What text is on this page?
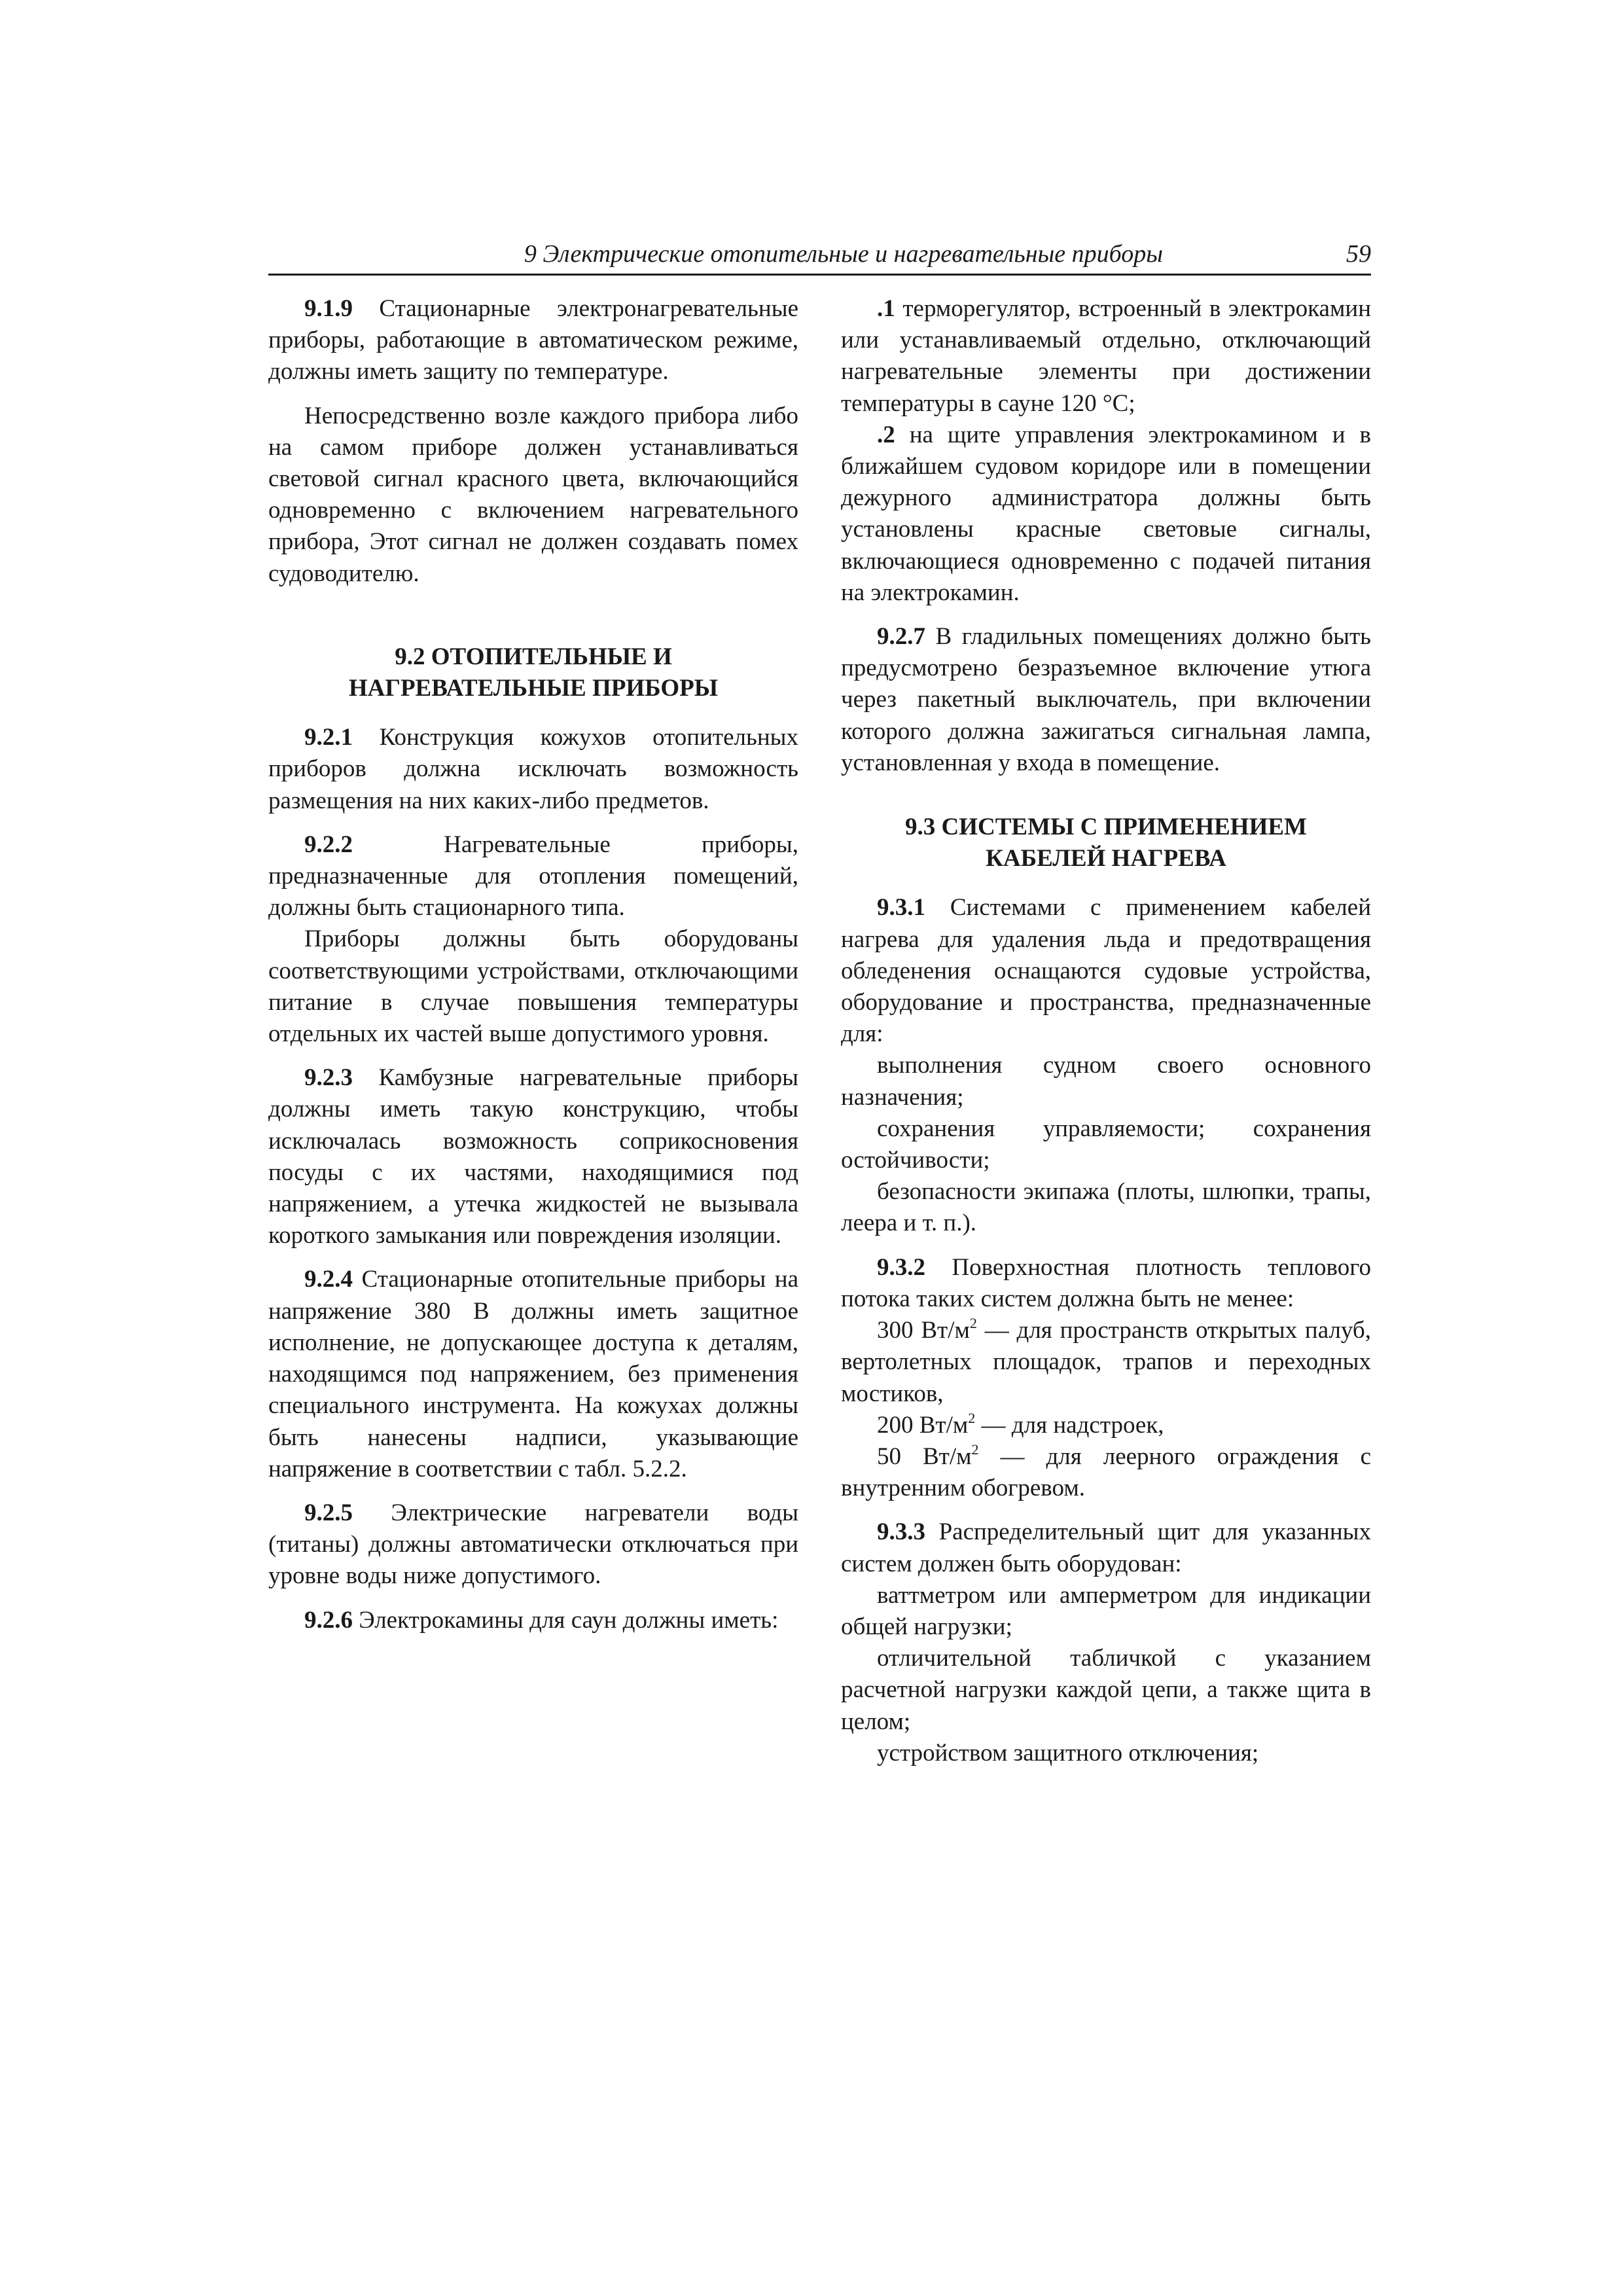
9 Электрические отопительные и нагревательные приборы	59

9.1.9 Стационарные электронагревательные приборы, работающие в автоматическом режиме, должны иметь защиту по температуре.

Непосредственно возле каждого прибора либо на самом приборе должен устанавливаться световой сигнал красного цвета, включающийся одновременно с включением нагревательного прибора, Этот сигнал не должен создавать помех судоводителю.

9.2 ОТОПИТЕЛЬНЫЕ И
НАГРЕВАТЕЛЬНЫЕ ПРИБОРЫ

9.2.1 Конструкция кожухов отопительных приборов должна исключать возможность размещения на них каких-либо предметов.

9.2.2 Нагревательные приборы, предназначенные для отопления помещений, должны быть стационарного типа.

Приборы должны быть оборудованы соответствующими устройствами, отключающими питание в случае повышения температуры отдельных их частей выше допустимого уровня.

9.2.3 Камбузные нагревательные приборы должны иметь такую конструкцию, чтобы исключалась возможность соприкосновения посуды с их частями, находящимися под напряжением, а утечка жидкостей не вызывала короткого замыкания или повреждения изоляции.

9.2.4 Стационарные отопительные приборы на напряжение 380 В должны иметь защитное исполнение, не допускающее доступа к деталям, находящимся под напряжением, без применения специального инструмента. На кожухах должны быть нанесены надписи, указывающие напряжение в соответствии с табл. 5.2.2.

9.2.5 Электрические нагреватели воды (титаны) должны автоматически отключаться при уровне воды ниже допустимого.

9.2.6 Электрокамины для саун должны иметь:

.1 терморегулятор, встроенный в электрокамин или устанавливаемый отдельно, отключающий нагревательные элементы при достижении температуры в сауне 120 °С;

.2 на щите управления электрокамином и в ближайшем судовом коридоре или в помещении дежурного администратора должны быть установлены красные световые сигналы, включающиеся одновременно с подачей питания на электрокамин.

9.2.7 В гладильных помещениях должно быть предусмотрено безразъемное включение утюга через пакетный выключатель, при включении которого должна зажигаться сигнальная лампа, установленная у входа в помещение.

9.3 СИСТЕМЫ С ПРИМЕНЕНИЕМ
КАБЕЛЕЙ НАГРЕВА

9.3.1 Системами с применением кабелей нагрева для удаления льда и предотвращения обледенения оснащаются судовые устройства, оборудование и пространства, предназначенные для:

выполнения судном своего основного назначения;

сохранения управляемости; сохранения остойчивости;

безопасности экипажа (плоты, шлюпки, трапы, леера и т. п.).

9.3.2 Поверхностная плотность теплового потока таких систем должна быть не менее:

300 $Вт/м^2$ — для пространств открытых палуб, вертолетных площадок, трапов и переходных мостиков,

200 $Вт/м^2$ — для надстроек,

50 $Вт/м^2$ — для леерного ограждения с внутренним обогревом.

9.3.3 Распределительный щит для указанных систем должен быть оборудован:

ваттметром или амперметром для индикации общей нагрузки;

отличительной табличкой с указанием расчетной нагрузки каждой цепи, а также щита в целом;

устройством защитного отключения;
